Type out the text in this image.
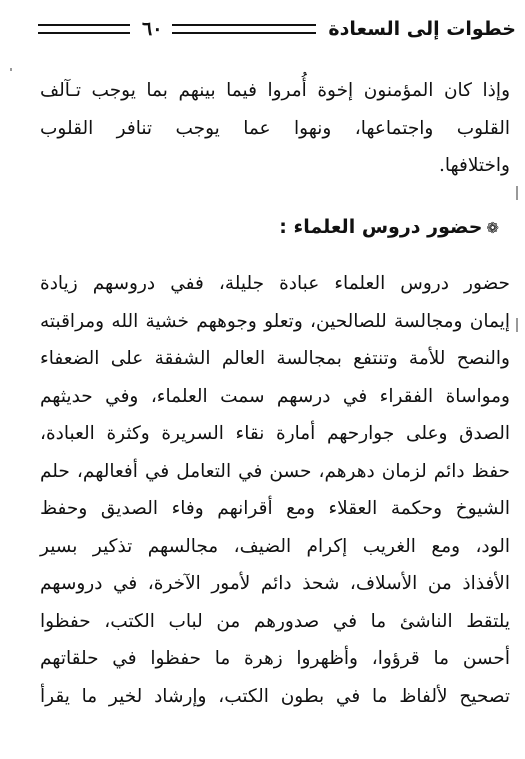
خطوات إلى السعادة
٦٠
وإذا كان المؤمنون إخوة أُمروا فيما بينهم بما يوجب تـآلف
القلوب واجتماعها، ونهوا عما يوجب تنافر القلوب
واختلافها.
❁حضور دروس العلماء :
حضور دروس العلماء عبادة جليلة، ففي دروسهم زيادة
إيمان ومجالسة للصالحين، وتعلو وجوههم خشية الله ومراقبته
والنصح للأمة وتنتفع بمجالسة العالم الشفقة على الضعفاء
ومواساة الفقراء في درسهم سمت العلماء، وفي حديثهم
الصدق وعلى جوارحهم أمارة نقاء السريرة وكثرة العبادة،
حفظ دائم لزمان دهرهم، حسن في التعامل في أفعالهم، حلم
الشيوخ وحكمة العقلاء ومع أقرانهم وفاء الصديق وحفظ
الود، ومع الغريب إكرام الضيف، مجالسهم تذكير بسير
الأفذاذ من الأسلاف، شحذ دائم لأمور الآخرة، في دروسهم
يلتقط الناشئ ما في صدورهم من لباب الكتب، حفظوا
أحسن ما قرؤوا، وأظهروا زهرة ما حفظوا في حلقاتهم
تصحيح لألفاظ ما في بطون الكتب، وإرشاد لخير ما يقرأ
